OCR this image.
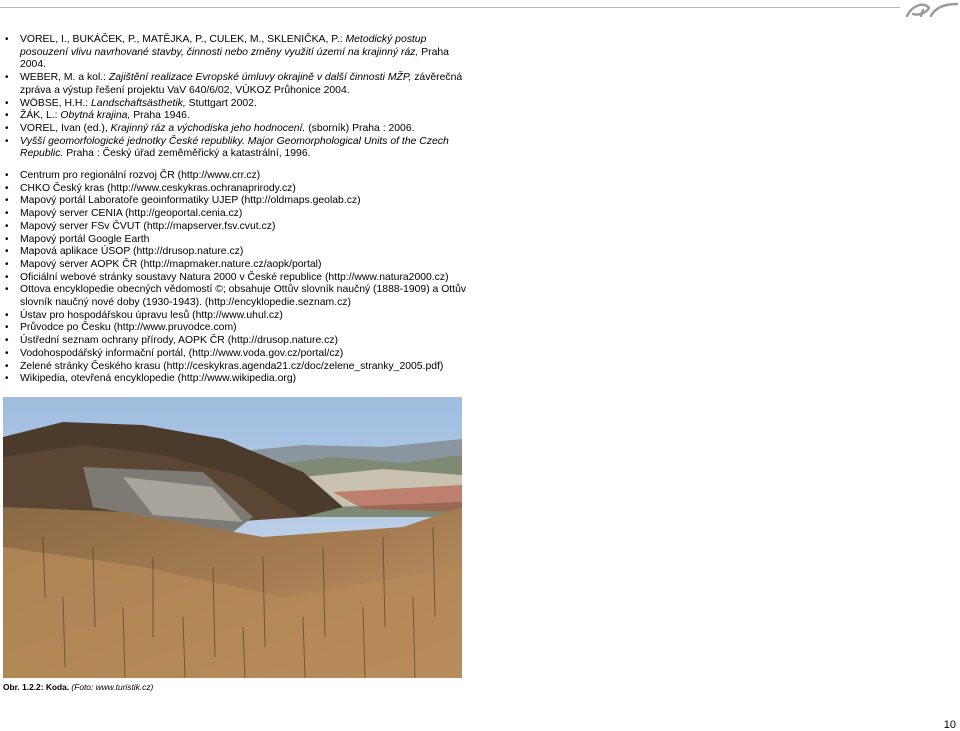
• VOREL, I., BUKÁČEK, P., MATĚJKA, P., CULEK, M., SKLENIČKA, P.: Metodický postup posouzení vlivu navrhované stavby, činnosti nebo změny využití území na krajinný ráz, Praha 2004.
• WEBER, M. a kol.: Zajištění realizace Evropské úmluvy okrajině v další činnosti MŽP, závěrečná zpráva a výstup řešení projektu VaV 640/6/02, VÚKOZ Průhonice 2004.
• WÖBSE, H.H.: Landschaftsästhetik, Stuttgart 2002.
• ŽÁK, L.: Obytná krajina, Praha 1946.
• VOREL, Ivan (ed.), Krajinný ráz a východiska jeho hodnocení. (sborník) Praha : 2006.
• Vyšší geomorfologické jednotky České republiky. Major Geomorphological Units of the Czech Republic. Praha : Český úřad zeměměřický a katastrální, 1996.
• Centrum pro regionální rozvoj ČR (http://www.crr.cz)
• CHKO Český kras (http://www.ceskykras.ochranaprirody.cz)
• Mapový portál Laboratoře geoinformatiky UJEP (http://oldmaps.geolab.cz)
• Mapový server CENIA (http://geoportal.cenia.cz)
• Mapový server FSv ČVUT (http://mapserver.fsv.cvut.cz)
• Mapový portál Google Earth
• Mapová aplikace ÚSOP (http://drusop.nature.cz)
• Mapový server AOPK ČR (http://mapmaker.nature.cz/aopk/portal)
• Oficiální webové stránky soustavy Natura 2000 v České republice (http://www.natura2000.cz)
• Ottova encyklopedie obecných vědomostí ©; obsahuje Ottův slovník naučný (1888-1909) a Ottův slovník naučný nové doby (1930-1943). (http://encyklopedie.seznam.cz)
• Ústav pro hospodářskou úpravu lesů (http://www.uhul.cz)
• Průvodce po Česku (http://www.pruvodce.com)
• Ústřední seznam ochrany přírody, AOPK ČR (http://drusop.nature.cz)
• Vodohospodářský informační portál, (http://www.voda.gov.cz/portal/cz)
• Zelené stránky Českého krasu (http://ceskykras.agenda21.cz/doc/zelene_stranky_2005.pdf)
• Wikipedia, otevřená encyklopedie (http://www.wikipedia.org)
Obr. 1.2.2: Koda. (Foto: www.turistik.cz)
10
